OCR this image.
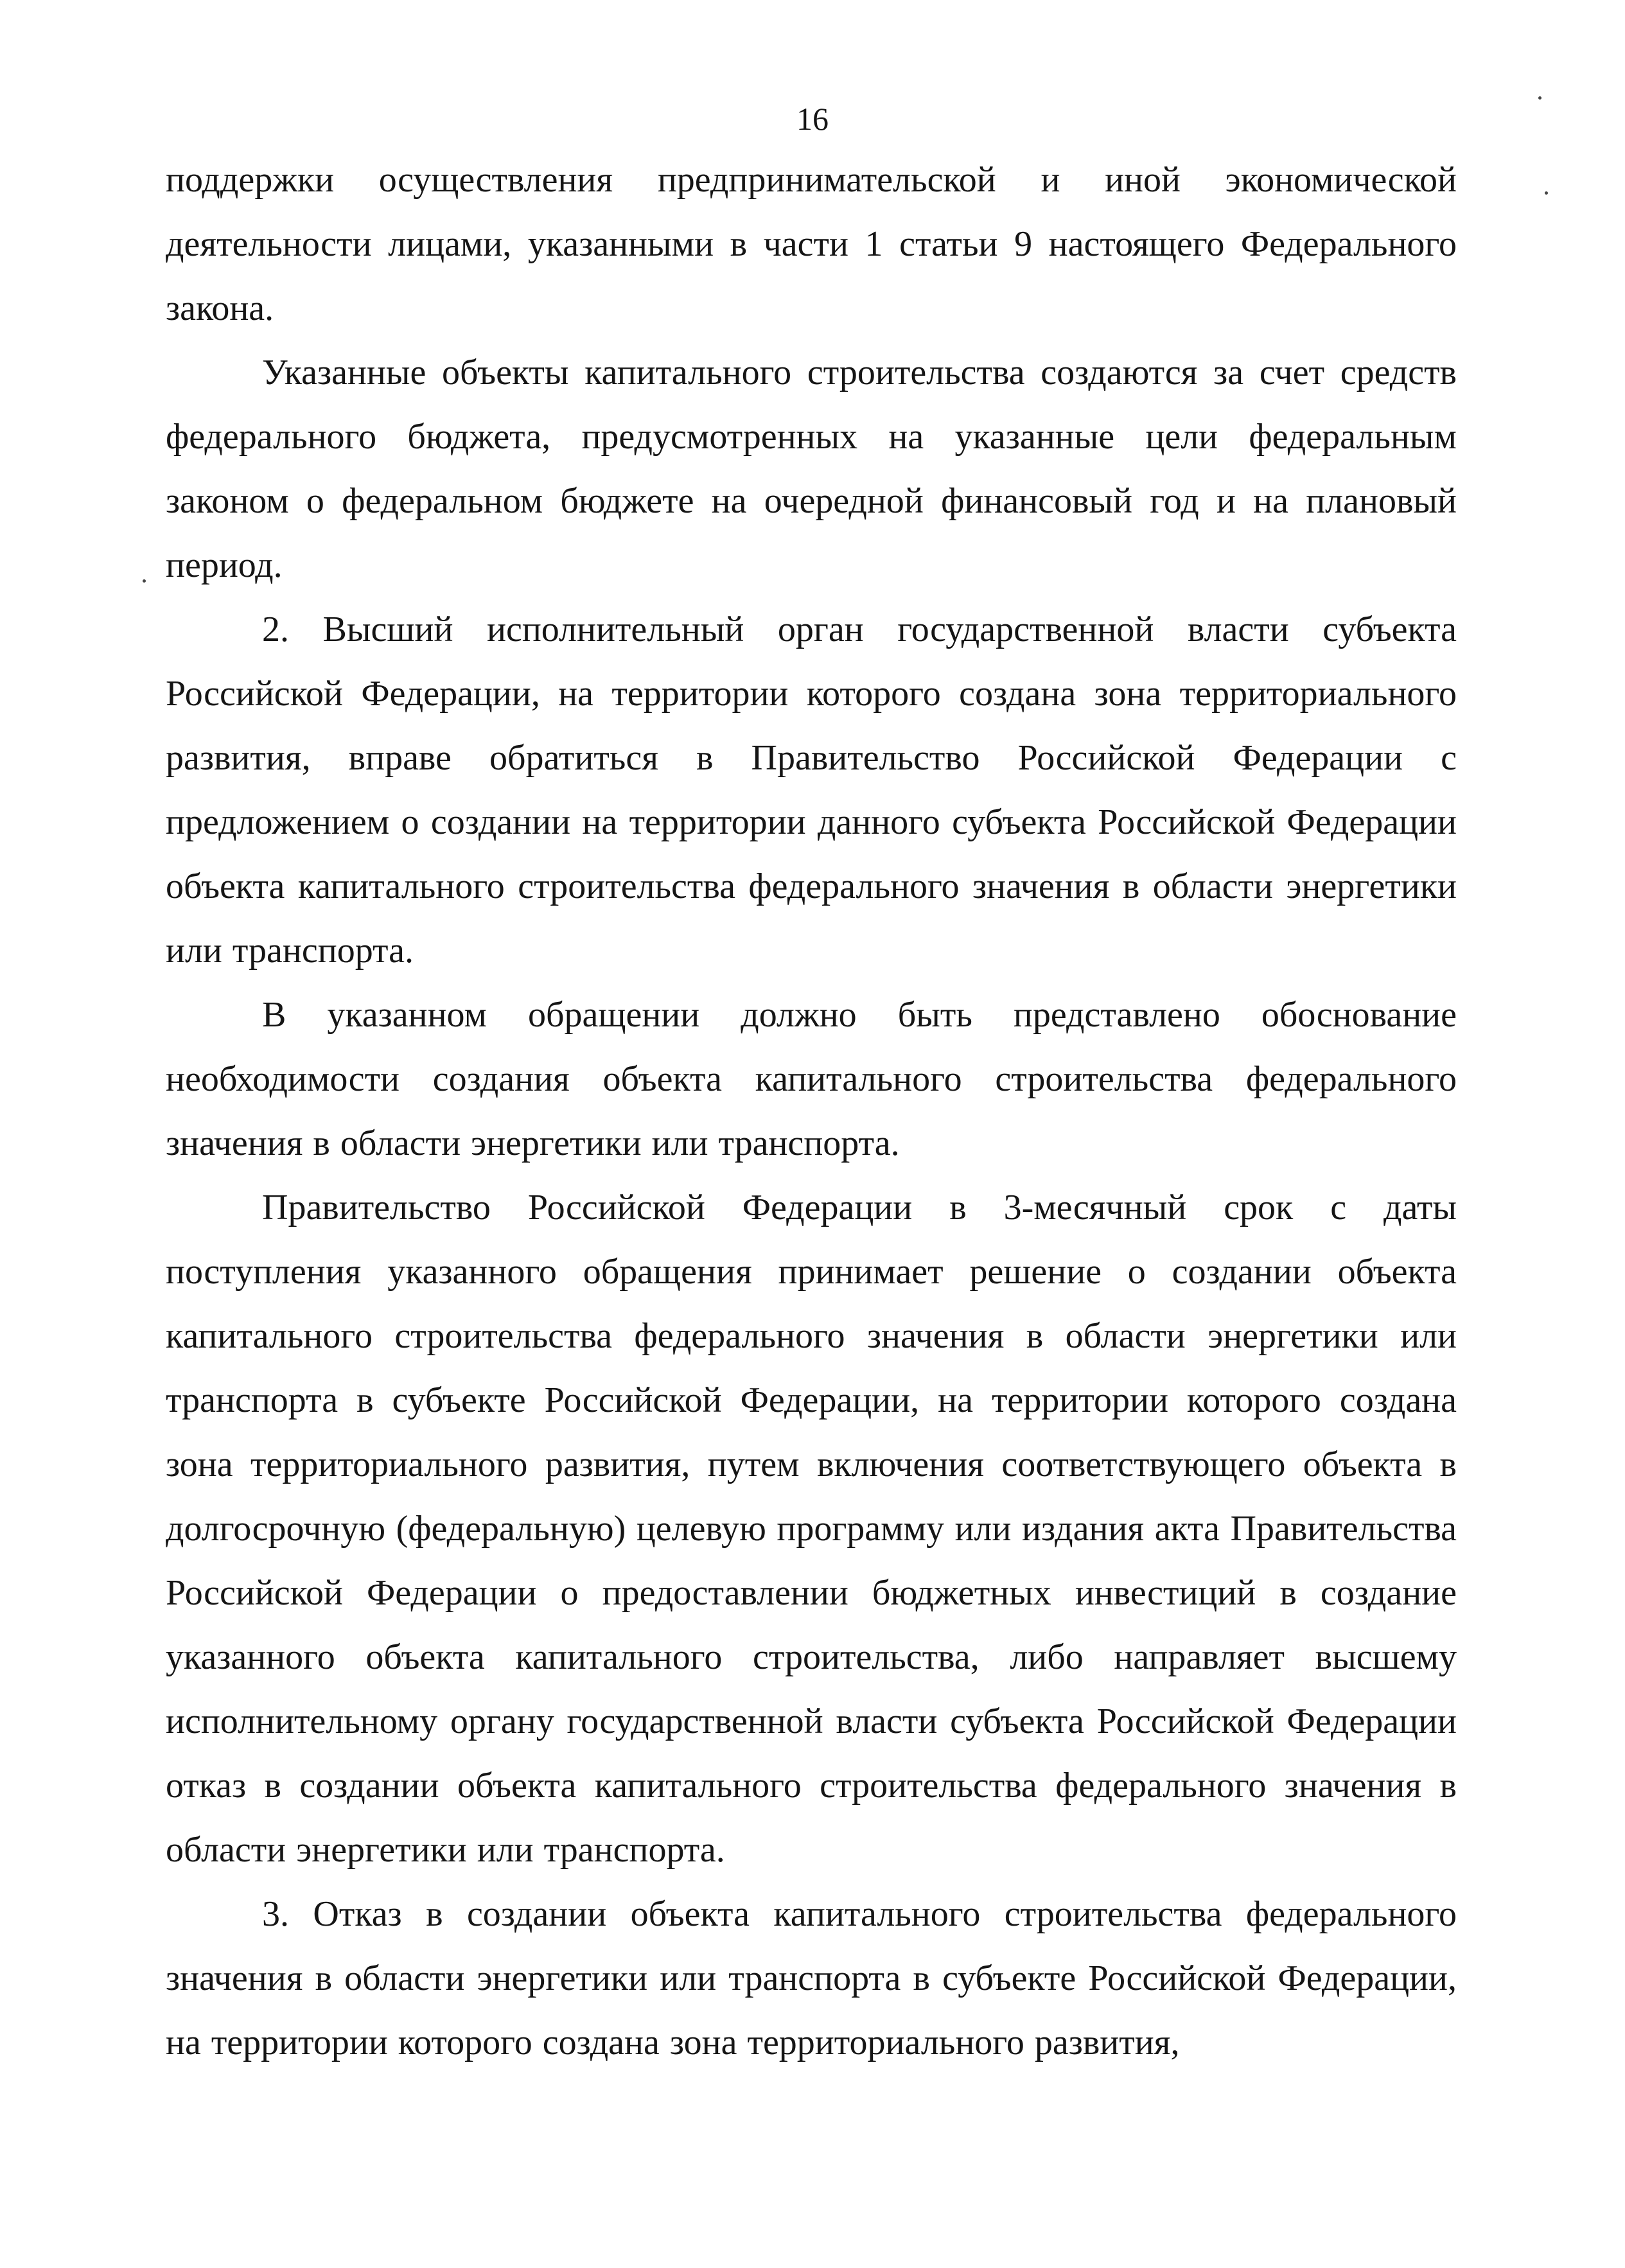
16

поддержки осуществления предпринимательской и иной экономической деятельности лицами, указанными в части 1 статьи 9 настоящего Федерального закона.

Указанные объекты капитального строительства создаются за счет средств федерального бюджета, предусмотренных на указанные цели федеральным законом о федеральном бюджете на очередной финансовый год и на плановый период.

2. Высший исполнительный орган государственной власти субъекта Российской Федерации, на территории которого создана зона территориального развития, вправе обратиться в Правительство Российской Федерации с предложением о создании на территории данного субъекта Российской Федерации объекта капитального строительства федерального значения в области энергетики или транспорта.

В указанном обращении должно быть представлено обоснование необходимости создания объекта капитального строительства федерального значения в области энергетики или транспорта.

Правительство Российской Федерации в 3-месячный срок с даты поступления указанного обращения принимает решение о создании объекта капитального строительства федерального значения в области энергетики или транспорта в субъекте Российской Федерации, на территории которого создана зона территориального развития, путем включения соответствующего объекта в долгосрочную (федеральную) целевую программу или издания акта Правительства Российской Федерации о предоставлении бюджетных инвестиций в создание указанного объекта капитального строительства, либо направляет высшему исполнительному органу государственной власти субъекта Российской Федерации отказ в создании объекта капитального строительства федерального значения в области энергетики или транспорта.

3. Отказ в создании объекта капитального строительства федерального значения в области энергетики или транспорта в субъекте Российской Федерации, на территории которого создана зона территориального развития,
